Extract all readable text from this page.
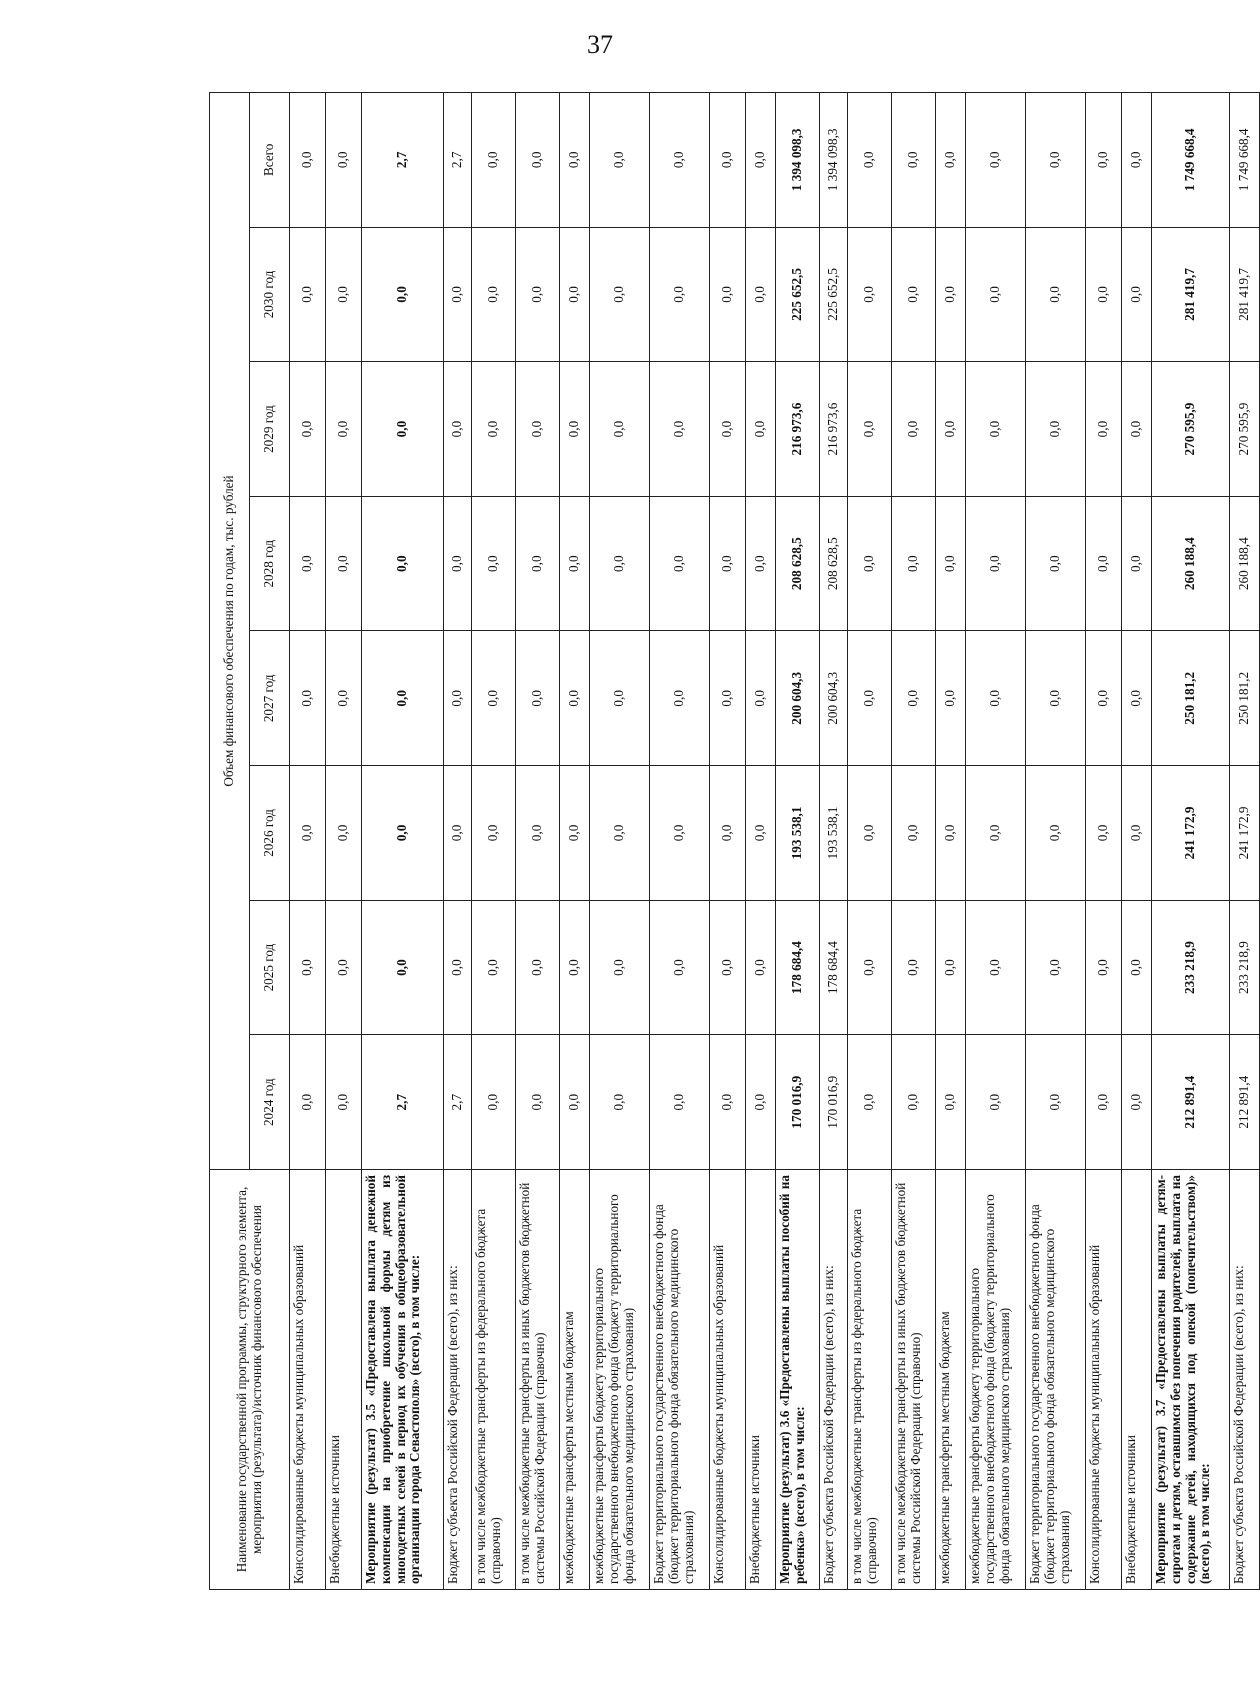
37
Наименование государственной программы, структурного элемента, мероприятия (результата)/источник финансового обеспечения	Объем финансового обеспечения по годам, тыс. рублей							
	2024 год	2025 год	2026 год	2027 год	2028 год	2029 год	2030 год	Всего
Консолидированные бюджеты муниципальных образований	0,0	0,0	0,0	0,0	0,0	0,0	0,0	0,0
Внебюджетные источники	0,0	0,0	0,0	0,0	0,0	0,0	0,0	0,0
Мероприятие (результат) 3.5 «Предоставлена выплата денежной компенсации на приобретение школьной формы детям из многодетных семей в период их обучения в общеобразовательной организации города Севастополя» (всего), в том числе:	2,7	0,0	0,0	0,0	0,0	0,0	0,0	2,7
Бюджет субъекта Российской Федерации (всего), из них:	2,7	0,0	0,0	0,0	0,0	0,0	0,0	2,7
в том числе межбюджетные трансферты из федерального бюджета (справочно)	0,0	0,0	0,0	0,0	0,0	0,0	0,0	0,0
в том числе межбюджетные трансферты из иных бюджетов бюджетной системы Российской Федерации (справочно)	0,0	0,0	0,0	0,0	0,0	0,0	0,0	0,0
межбюджетные трансферты местным бюджетам	0,0	0,0	0,0	0,0	0,0	0,0	0,0	0,0
межбюджетные трансферты бюджету территориального государственного внебюджетного фонда (бюджету территориального фонда обязательного медицинского страхования)	0,0	0,0	0,0	0,0	0,0	0,0	0,0	0,0
Бюджет территориального государственного внебюджетного фонда (бюджет территориального фонда обязательного медицинского страхования)	0,0	0,0	0,0	0,0	0,0	0,0	0,0	0,0
Консолидированные бюджеты муниципальных образований	0,0	0,0	0,0	0,0	0,0	0,0	0,0	0,0
Внебюджетные источники	0,0	0,0	0,0	0,0	0,0	0,0	0,0	0,0
Мероприятие (результат) 3.6 «Предоставлены выплаты пособий на ребенка» (всего), в том числе:	170 016,9	178 684,4	193 538,1	200 604,3	208 628,5	216 973,6	225 652,5	1 394 098,3
Бюджет субъекта Российской Федерации (всего), из них:	170 016,9	178 684,4	193 538,1	200 604,3	208 628,5	216 973,6	225 652,5	1 394 098,3
в том числе межбюджетные трансферты из федерального бюджета (справочно)	0,0	0,0	0,0	0,0	0,0	0,0	0,0	0,0
в том числе межбюджетные трансферты из иных бюджетов бюджетной системы Российской Федерации (справочно)	0,0	0,0	0,0	0,0	0,0	0,0	0,0	0,0
межбюджетные трансферты местным бюджетам	0,0	0,0	0,0	0,0	0,0	0,0	0,0	0,0
межбюджетные трансферты бюджету территориального государственного внебюджетного фонда (бюджету территориального фонда обязательного медицинского страхования)	0,0	0,0	0,0	0,0	0,0	0,0	0,0	0,0
Бюджет территориального государственного внебюджетного фонда (бюджет территориального фонда обязательного медицинского страхования)	0,0	0,0	0,0	0,0	0,0	0,0	0,0	0,0
Консолидированные бюджеты муниципальных образований	0,0	0,0	0,0	0,0	0,0	0,0	0,0	0,0
Внебюджетные источники	0,0	0,0	0,0	0,0	0,0	0,0	0,0	0,0
Мероприятие (результат) 3.7 «Предоставлены выплаты детям-сиротам и детям, оставшимся без попечения родителей, выплата на содержание детей, находящихся под опекой (попечительством)» (всего), в том числе:	212 891,4	233 218,9	241 172,9	250 181,2	260 188,4	270 595,9	281 419,7	1 749 668,4
Бюджет субъекта Российской Федерации (всего), из них:	212 891,4	233 218,9	241 172,9	250 181,2	260 188,4	270 595,9	281 419,7	1 749 668,4
